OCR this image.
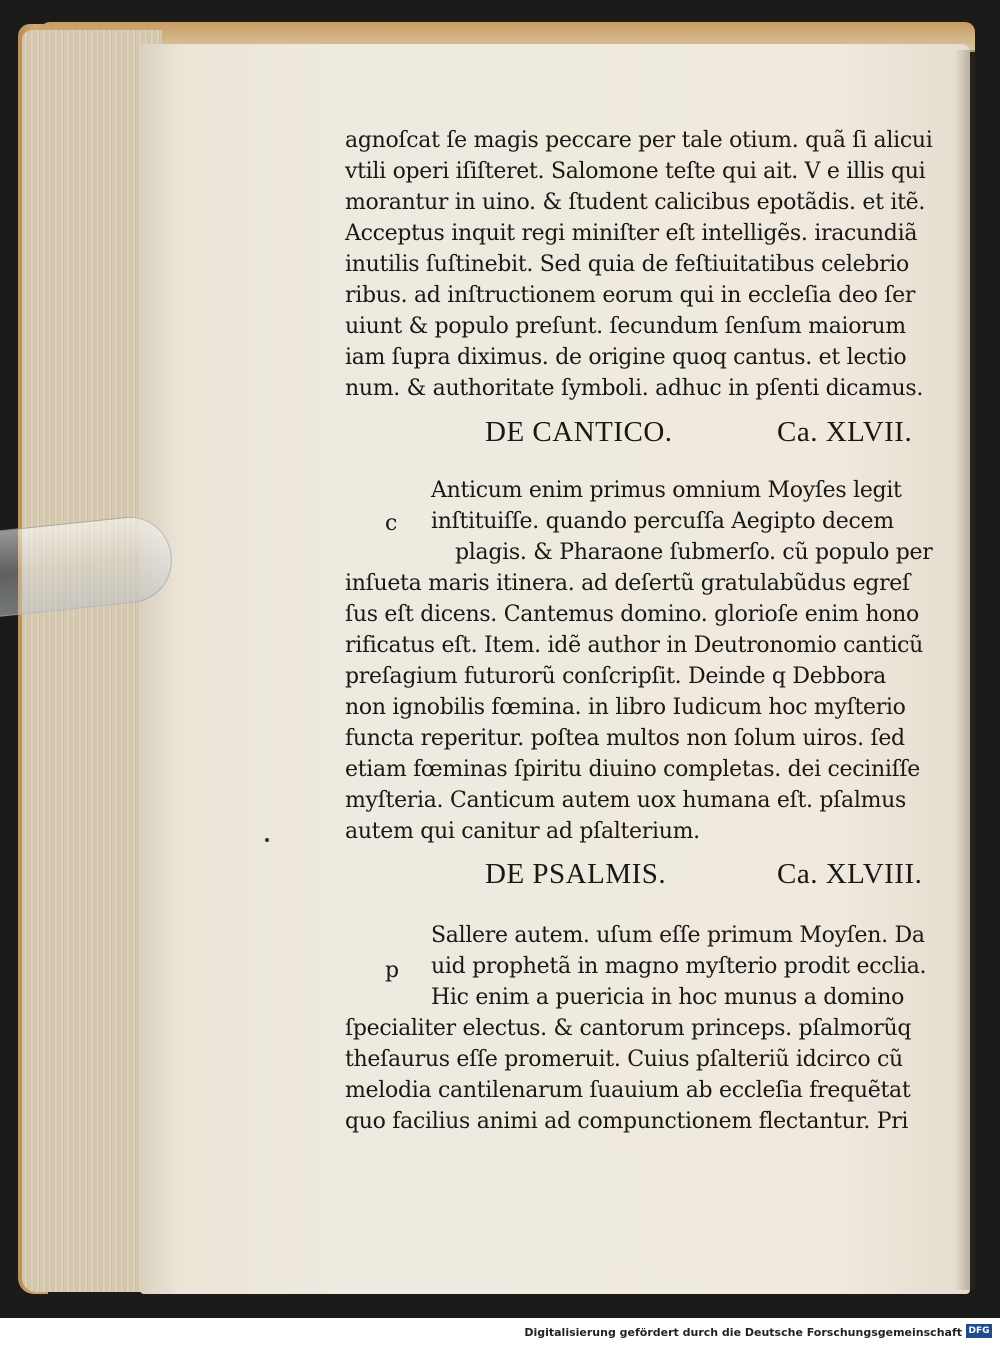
agnoſcat ſe magis peccare per tale otium. quã ſi alicui
vtili operi iſiſteret. Salomone teſte qui ait. V e illis qui
morantur in uino. & ſtudent calicibus epotãdis. et itẽ.
Acceptus inquit regi miniſter eſt intelligẽs. iracundiã
inutilis ſuſtinebit. Sed quia de feſtiuitatibus celebrio
ribus. ad inſtructionem eorum qui in eccleſia deo ſer
uiunt & populo preſunt. ſecundum ſenſum maiorum
iam ſupra diximus. de origine quoq cantus. et lectio
num. & authoritate ſymboli. adhuc in pſenti dicamus.
DE CANTICO.	Ca. XLVII.
c
Anticum enim primus omnium Moyſes legit
inſtituiſſe. quando percuſſa Aegipto decem
plagis. & Pharaone ſubmerſo. cũ populo per
inſueta maris itinera. ad deſertũ gratulabũdus egreſ
ſus eſt dicens. Cantemus domino. glorioſe enim hono
rificatus eſt. Item. idẽ author in Deutronomio canticũ
preſagium futurorũ conſcripſit. Deinde q Debbora
non ignobilis fœmina. in libro Iudicum hoc myſterio
functa reperitur. poſtea multos non ſolum uiros. ſed
etiam fœminas ſpiritu diuino completas. dei ceciniſſe
myſteria. Canticum autem uox humana eſt. pſalmus
autem qui canitur ad pſalterium.
DE PSALMIS.	Ca. XLVIII.
p
Sallere autem. uſum eſſe primum Moyſen. Da
uid prophetã in magno myſterio prodit ecclia.
Hic enim a puericia in hoc munus a domino
ſpecialiter electus. & cantorum princeps. pſalmorũq
theſaurus eſſe promeruit. Cuius pſalteriũ idcirco cũ
melodia cantilenarum ſuauium ab eccleſia frequẽtat
quo facilius animi ad compunctionem flectantur. Pri
Digitalisierung gefördert durch die Deutsche Forschungsgemeinschaft DFG
